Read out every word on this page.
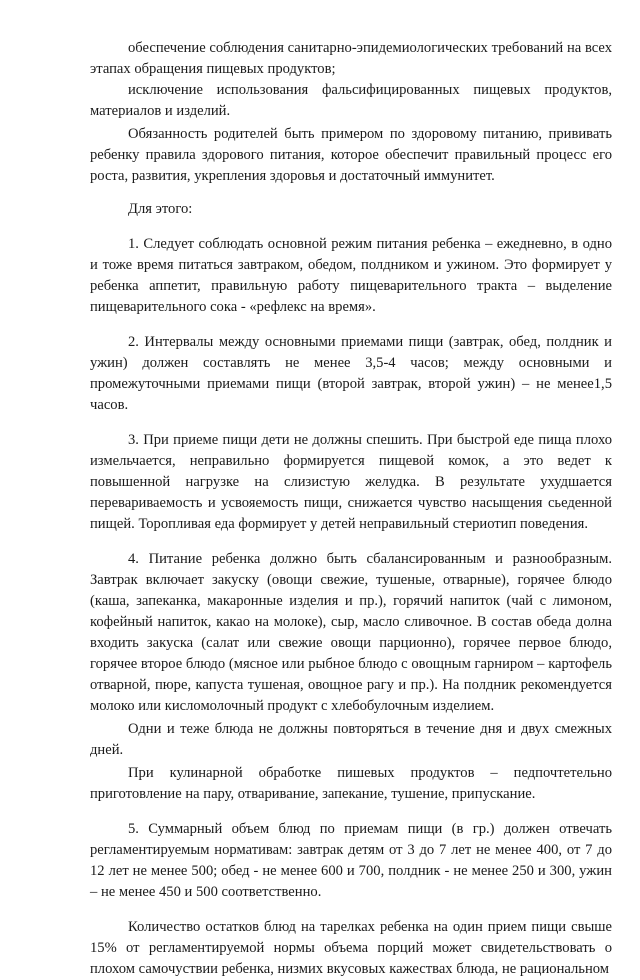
обеспечение соблюдения санитарно-эпидемиологических требований на всех этапах обращения пищевых продуктов;

исключение использования фальсифицированных пищевых продуктов, материалов и изделий.

Обязанность родителей быть примером по здоровому питанию, прививать ребенку правила здорового питания, которое обеспечит правильный процесс его роста, развития, укрепления здоровья и достаточный иммунитет.

Для этого:

1. Следует соблюдать основной режим питания ребенка – ежедневно, в одно и тоже время питаться завтраком, обедом, полдником и ужином. Это формирует у ребенка аппетит, правильную работу пищеварительного тракта – выделение пищеварительного сока - «рефлекс на время».

2. Интервалы между основными приемами пищи (завтрак, обед, полдник и ужин) должен составлять не менее 3,5-4 часов; между основными и промежуточными приемами пищи (второй завтрак, второй ужин) – не менее1,5 часов.

3. При приеме пищи дети не должны спешить. При быстрой еде пища плохо измельчается, неправильно формируется пищевой комок, а это ведет к повышенной нагрузке на слизистую желудка. В результате ухудшается перевариваемость и усвояемость пищи, снижается чувство насыщения сьеденной пищей. Торопливая еда формирует у детей неправильный стериотип поведения.

4. Питание ребенка должно быть сбалансированным и разнообразным. Завтрак включает закуску (овощи свежие, тушеные, отварные), горячее блюдо (каша, запеканка, макаронные изделия и пр.), горячий напиток (чай с лимоном, кофейный напиток, какао на молоке), сыр, масло сливочное. В состав обеда долна входить закуска (салат или свежие овощи парционно), горячее первое блюдо, горячее второе блюдо (мясное или рыбное блюдо с овощным гарниром – картофель отварной, пюре, капуста тушеная, овощное рагу и пр.). На полдник рекомендуется молоко или кисломолочный продукт с хлебобулочным изделием.

Одни и теже блюда не должны повторяться в течение дня и двух смежных дней.

При кулинарной обработке пишевых продуктов – педпочтетельно приготовление на пару, отваривание, запекание, тушение, припускание.

5. Суммарный объем блюд по приемам пищи (в гр.) должен отвечать регламентируемым нормативам: завтрак детям от 3 до 7 лет не менее 400, от 7 до 12 лет не менее 500; обед - не менее 600 и 700, полдник - не менее 250 и 300, ужин – не менее 450 и 500 соответственно.

Количество остатков блюд на тарелках ребенка на один прием пищи свыше 15% от регламентируемой нормы объема порций может свидетельствовать о плохом самочуствии ребенка, низмих вкусовых кажествах блюда, не рациональном
